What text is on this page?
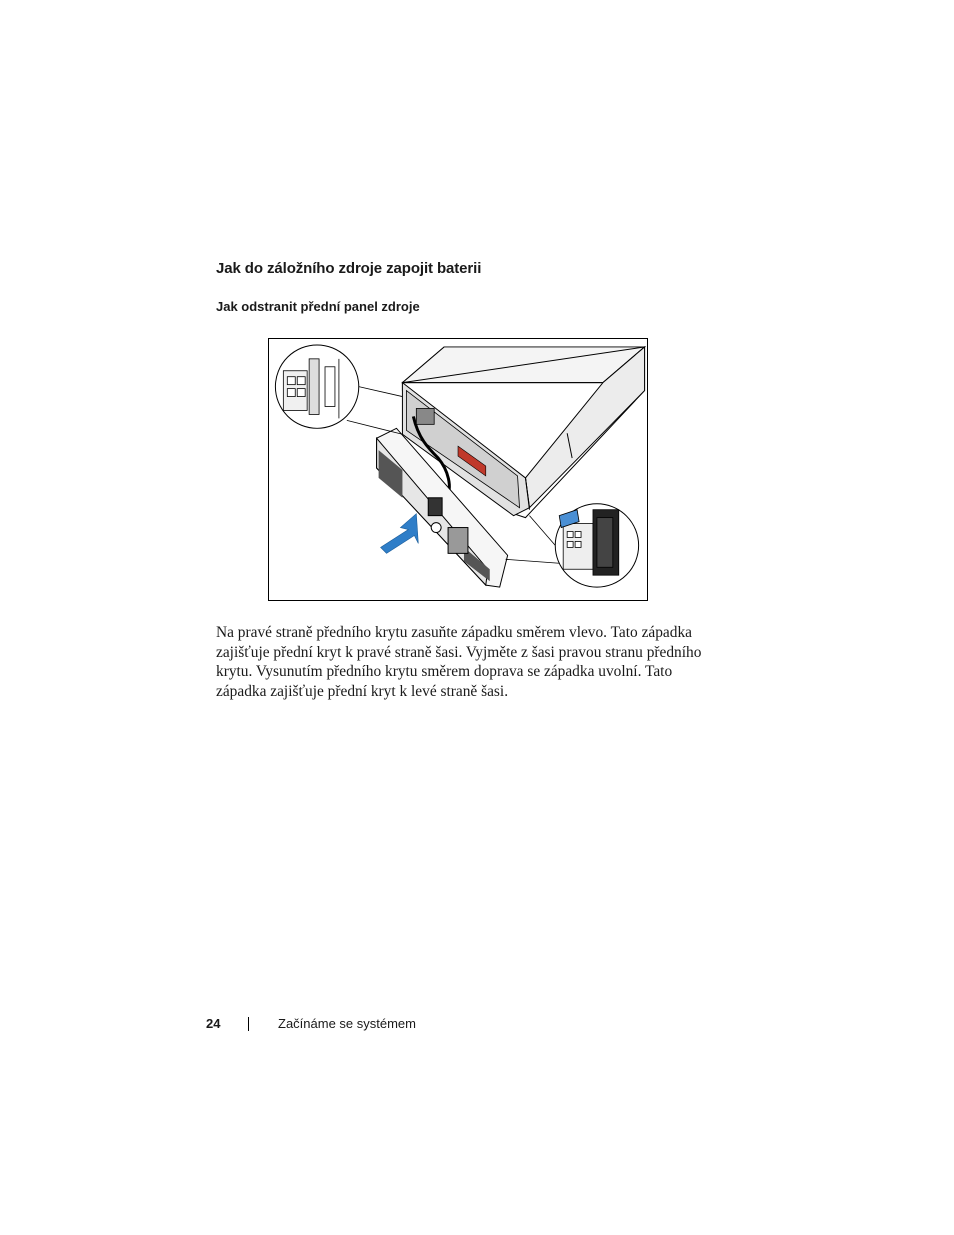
Jak do záložního zdroje zapojit baterii
Jak odstranit přední panel zdroje

Na pravé straně předního krytu zasuňte západku směrem vlevo. Tato západka zajišťuje přední kryt k pravé straně šasi. Vyjměte z šasi pravou stranu předního krytu. Vysunutím předního krytu směrem doprava se západka uvolní. Tato západka zajišťuje přední kryt k levé straně šasi.

24	Začínáme se systémem
